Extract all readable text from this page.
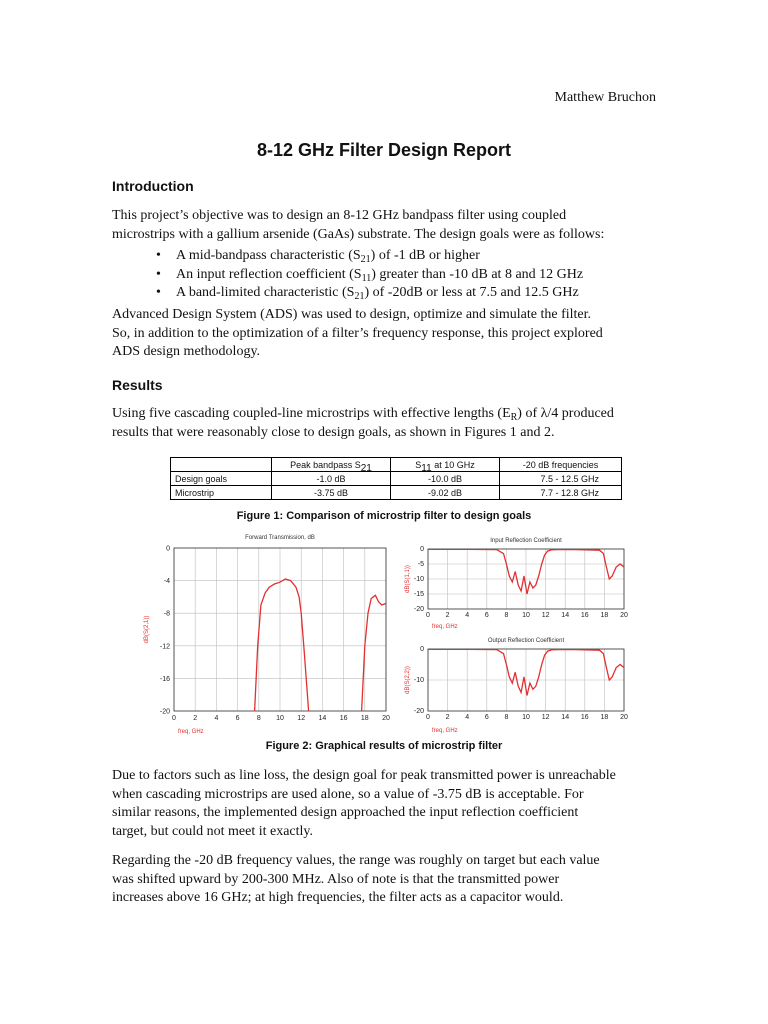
Matthew Bruchon
8-12 GHz Filter Design Report
Introduction
This project’s objective was to design an 8-12 GHz bandpass filter using coupled
microstrips with a gallium arsenide (GaAs) substrate. The design goals were as follows:
• A mid-bandpass characteristic $(S_{21})$ of -1 dB or higher
• An input reflection coefficient $(S_{11})$ greater than -10 dB at 8 and 12 GHz
• A band-limited characteristic $(S_{21})$ of -20dB or less at 7.5 and 12.5 GHz
Advanced Design System (ADS) was used to design, optimize and simulate the filter.
So, in addition to the optimization of a filter’s frequency response, this project explored
ADS design methodology.
Results
Using five cascading coupled-line microstrips with effective lengths $(E_R)$ of λ/4 produced
results that were reasonably close to design goals, as shown in Figures 1 and 2.
	Peak bandpass $S_{21}$	$S_{11}$ at 10 GHz	-20 dB frequencies
Design goals	-1.0 dB	-10.0 dB	7.5 - 12.5 GHz
Microstrip	-3.75 dB	-9.02 dB	7.7 - 12.8 GHz
Figure 1: Comparison of microstrip filter to design goals
Forward Transmission, dB
0 2 4 6 8 10 12 14 16 18 20
0
-4
-8
-12
-16
-20
freq, GHz
dB(S(2,1))
Input Reflection Coefficient
0 2 4 6 8 10 12 14 16 18 20
0
-5
-10
-15
-20
freq, GHz
dB(S(1,1))
Output Reflection Coefficient
0 2 4 6 8 10 12 14 16 18 20
0
-10
-20
freq, GHz
dB(S(2,2))
Figure 2: Graphical results of microstrip filter
Due to factors such as line loss, the design goal for peak transmitted power is unreachable
when cascading microstrips are used alone, so a value of -3.75 dB is acceptable. For
similar reasons, the implemented design approached the input reflection coefficient
target, but could not meet it exactly.
Regarding the -20 dB frequency values, the range was roughly on target but each value
was shifted upward by 200-300 MHz. Also of note is that the transmitted power
increases above 16 GHz; at high frequencies, the filter acts as a capacitor would.
